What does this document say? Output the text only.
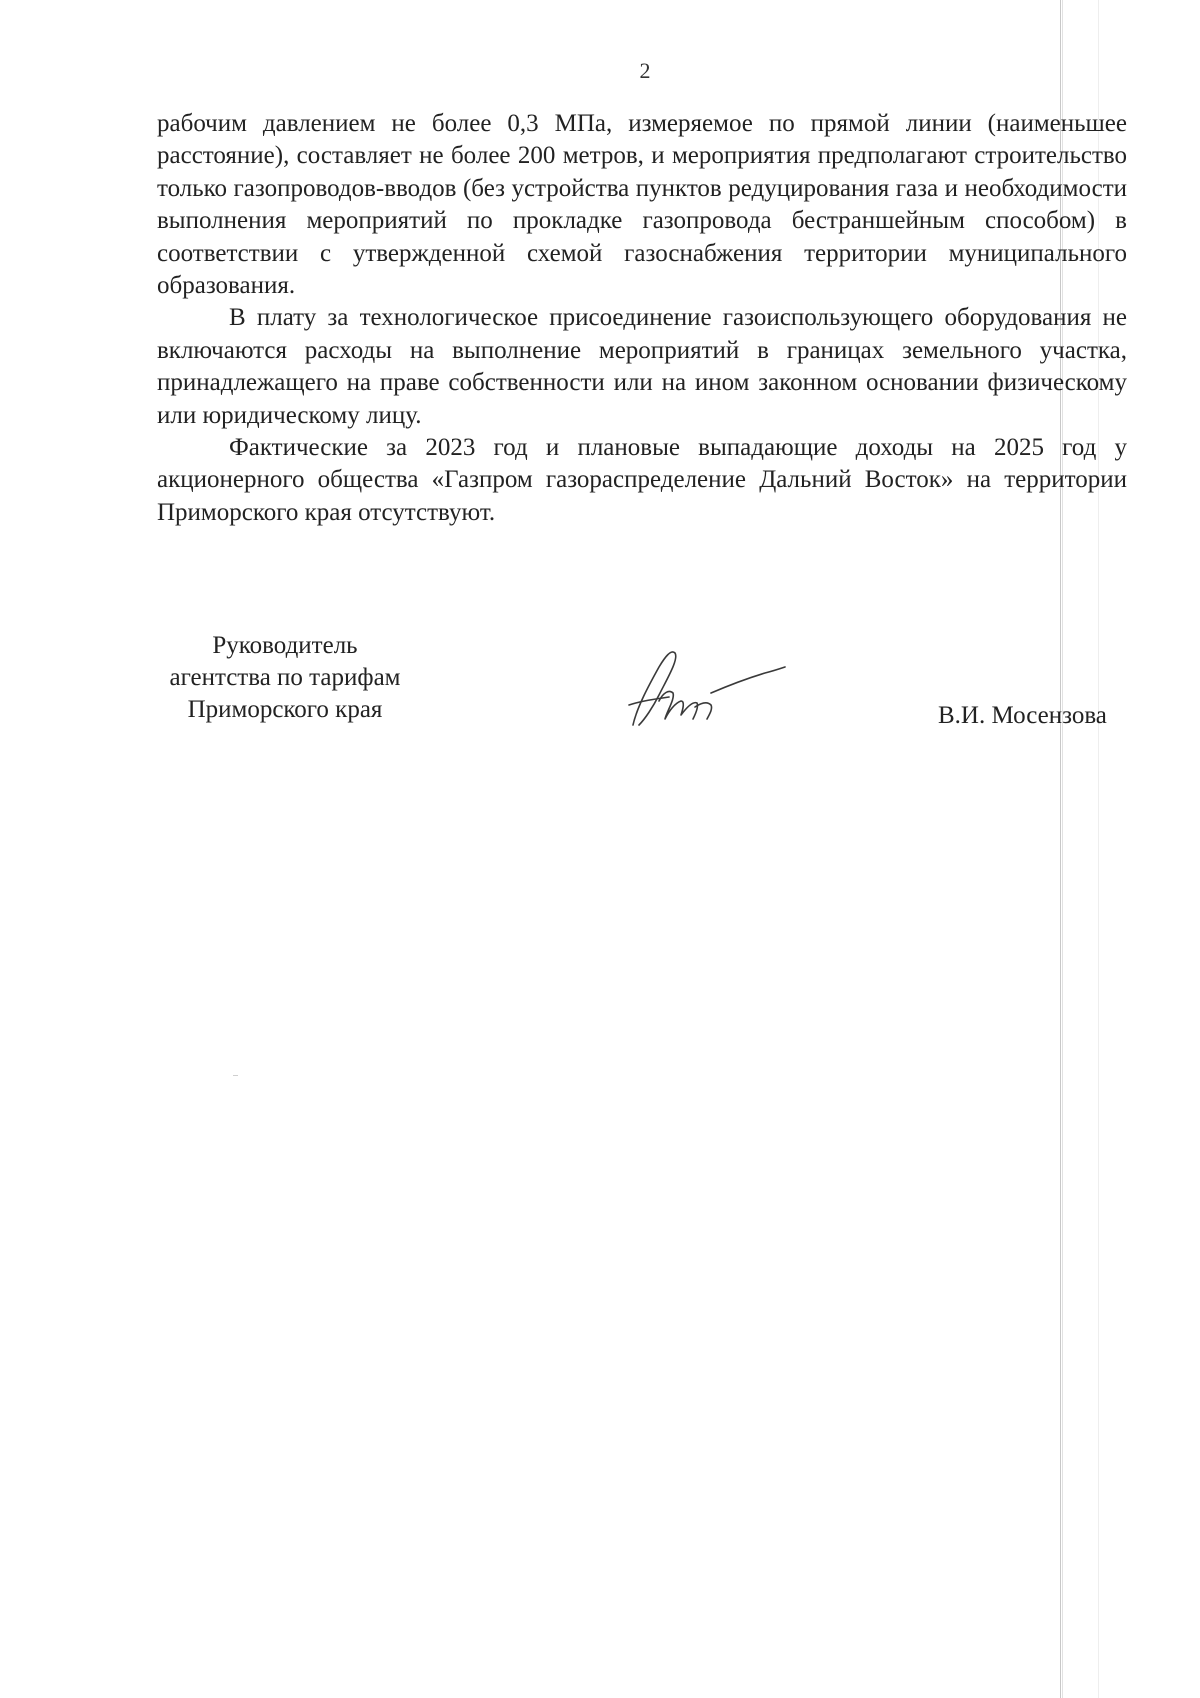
2

рабочим давлением не более 0,3 МПа, измеряемое по прямой линии (наименьшее расстояние), составляет не более 200 метров, и мероприятия предполагают строительство только газопроводов-вводов (без устройства пунктов редуцирования газа и необходимости выполнения мероприятий по прокладке газопровода бестраншейным способом) в соответствии с утвержденной схемой газоснабжения территории муниципального образования.

В плату за технологическое присоединение газоиспользующего оборудования не включаются расходы на выполнение мероприятий в границах земельного участка, принадлежащего на праве собственности или на ином законном основании физическому или юридическому лицу.

Фактические за 2023 год и плановые выпадающие доходы на 2025 год у акционерного общества «Газпром газораспределение Дальний Восток» на территории Приморского края отсутствуют.

Руководитель
агентства по тарифам
Приморского края	В.И. Мосензова
